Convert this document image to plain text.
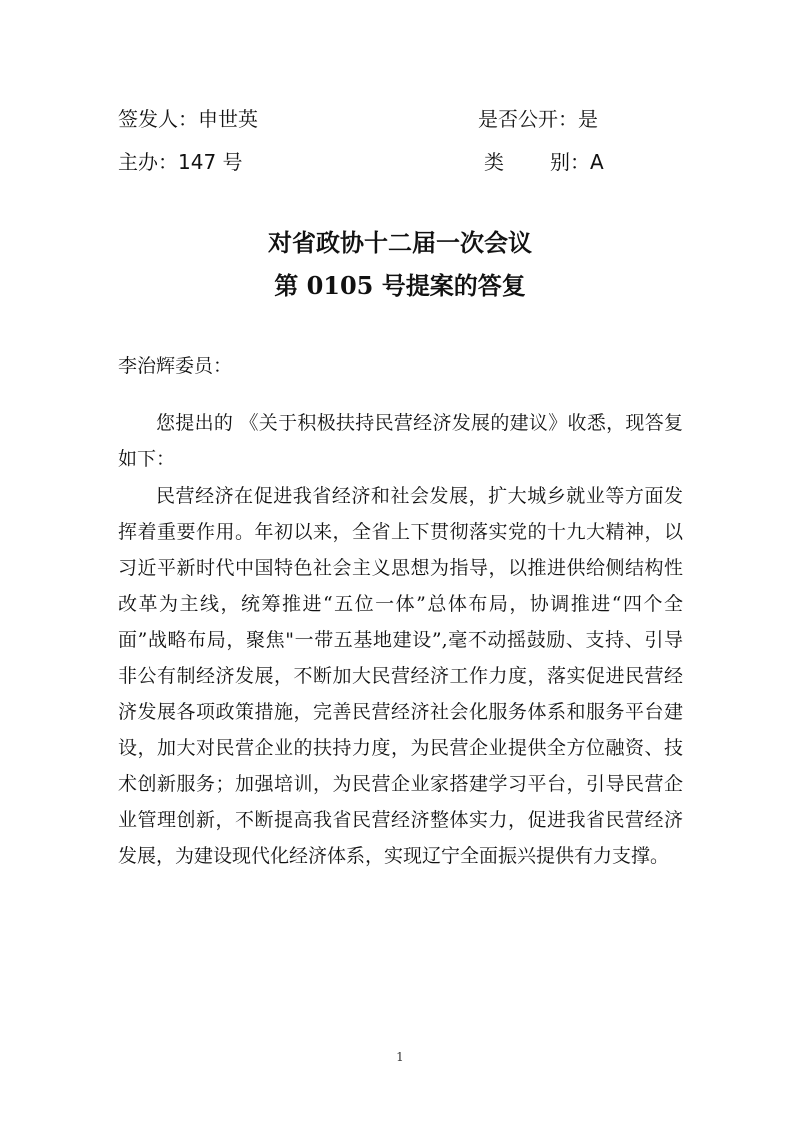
签发人：申世英	是否公开：是
主办：147 号	类 别：A
对省政协十二届一次会议
第 0105 号提案的答复
李治辉委员：

您提出的 《关于积极扶持民营经济发展的建议》收悉，现答复如下：

民营经济在促进我省经济和社会发展，扩大城乡就业等方面发挥着重要作用。年初以来，全省上下贯彻落实党的十九大精神，以习近平新时代中国特色社会主义思想为指导，以推进供给侧结构性改革为主线，统筹推进“五位一体”总体布局，协调推进“四个全面”战略布局，聚焦"一带五基地建设”,毫不动摇鼓励、支持、引导非公有制经济发展，不断加大民营经济工作力度，落实促进民营经济发展各项政策措施，完善民营经济社会化服务体系和服务平台建设，加大对民营企业的扶持力度，为民营企业提供全方位融资、技术创新服务；加强培训，为民营企业家搭建学习平台，引导民营企业管理创新，不断提高我省民营经济整体实力，促进我省民营经济发展，为建设现代化经济体系，实现辽宁全面振兴提供有力支撑。

1
